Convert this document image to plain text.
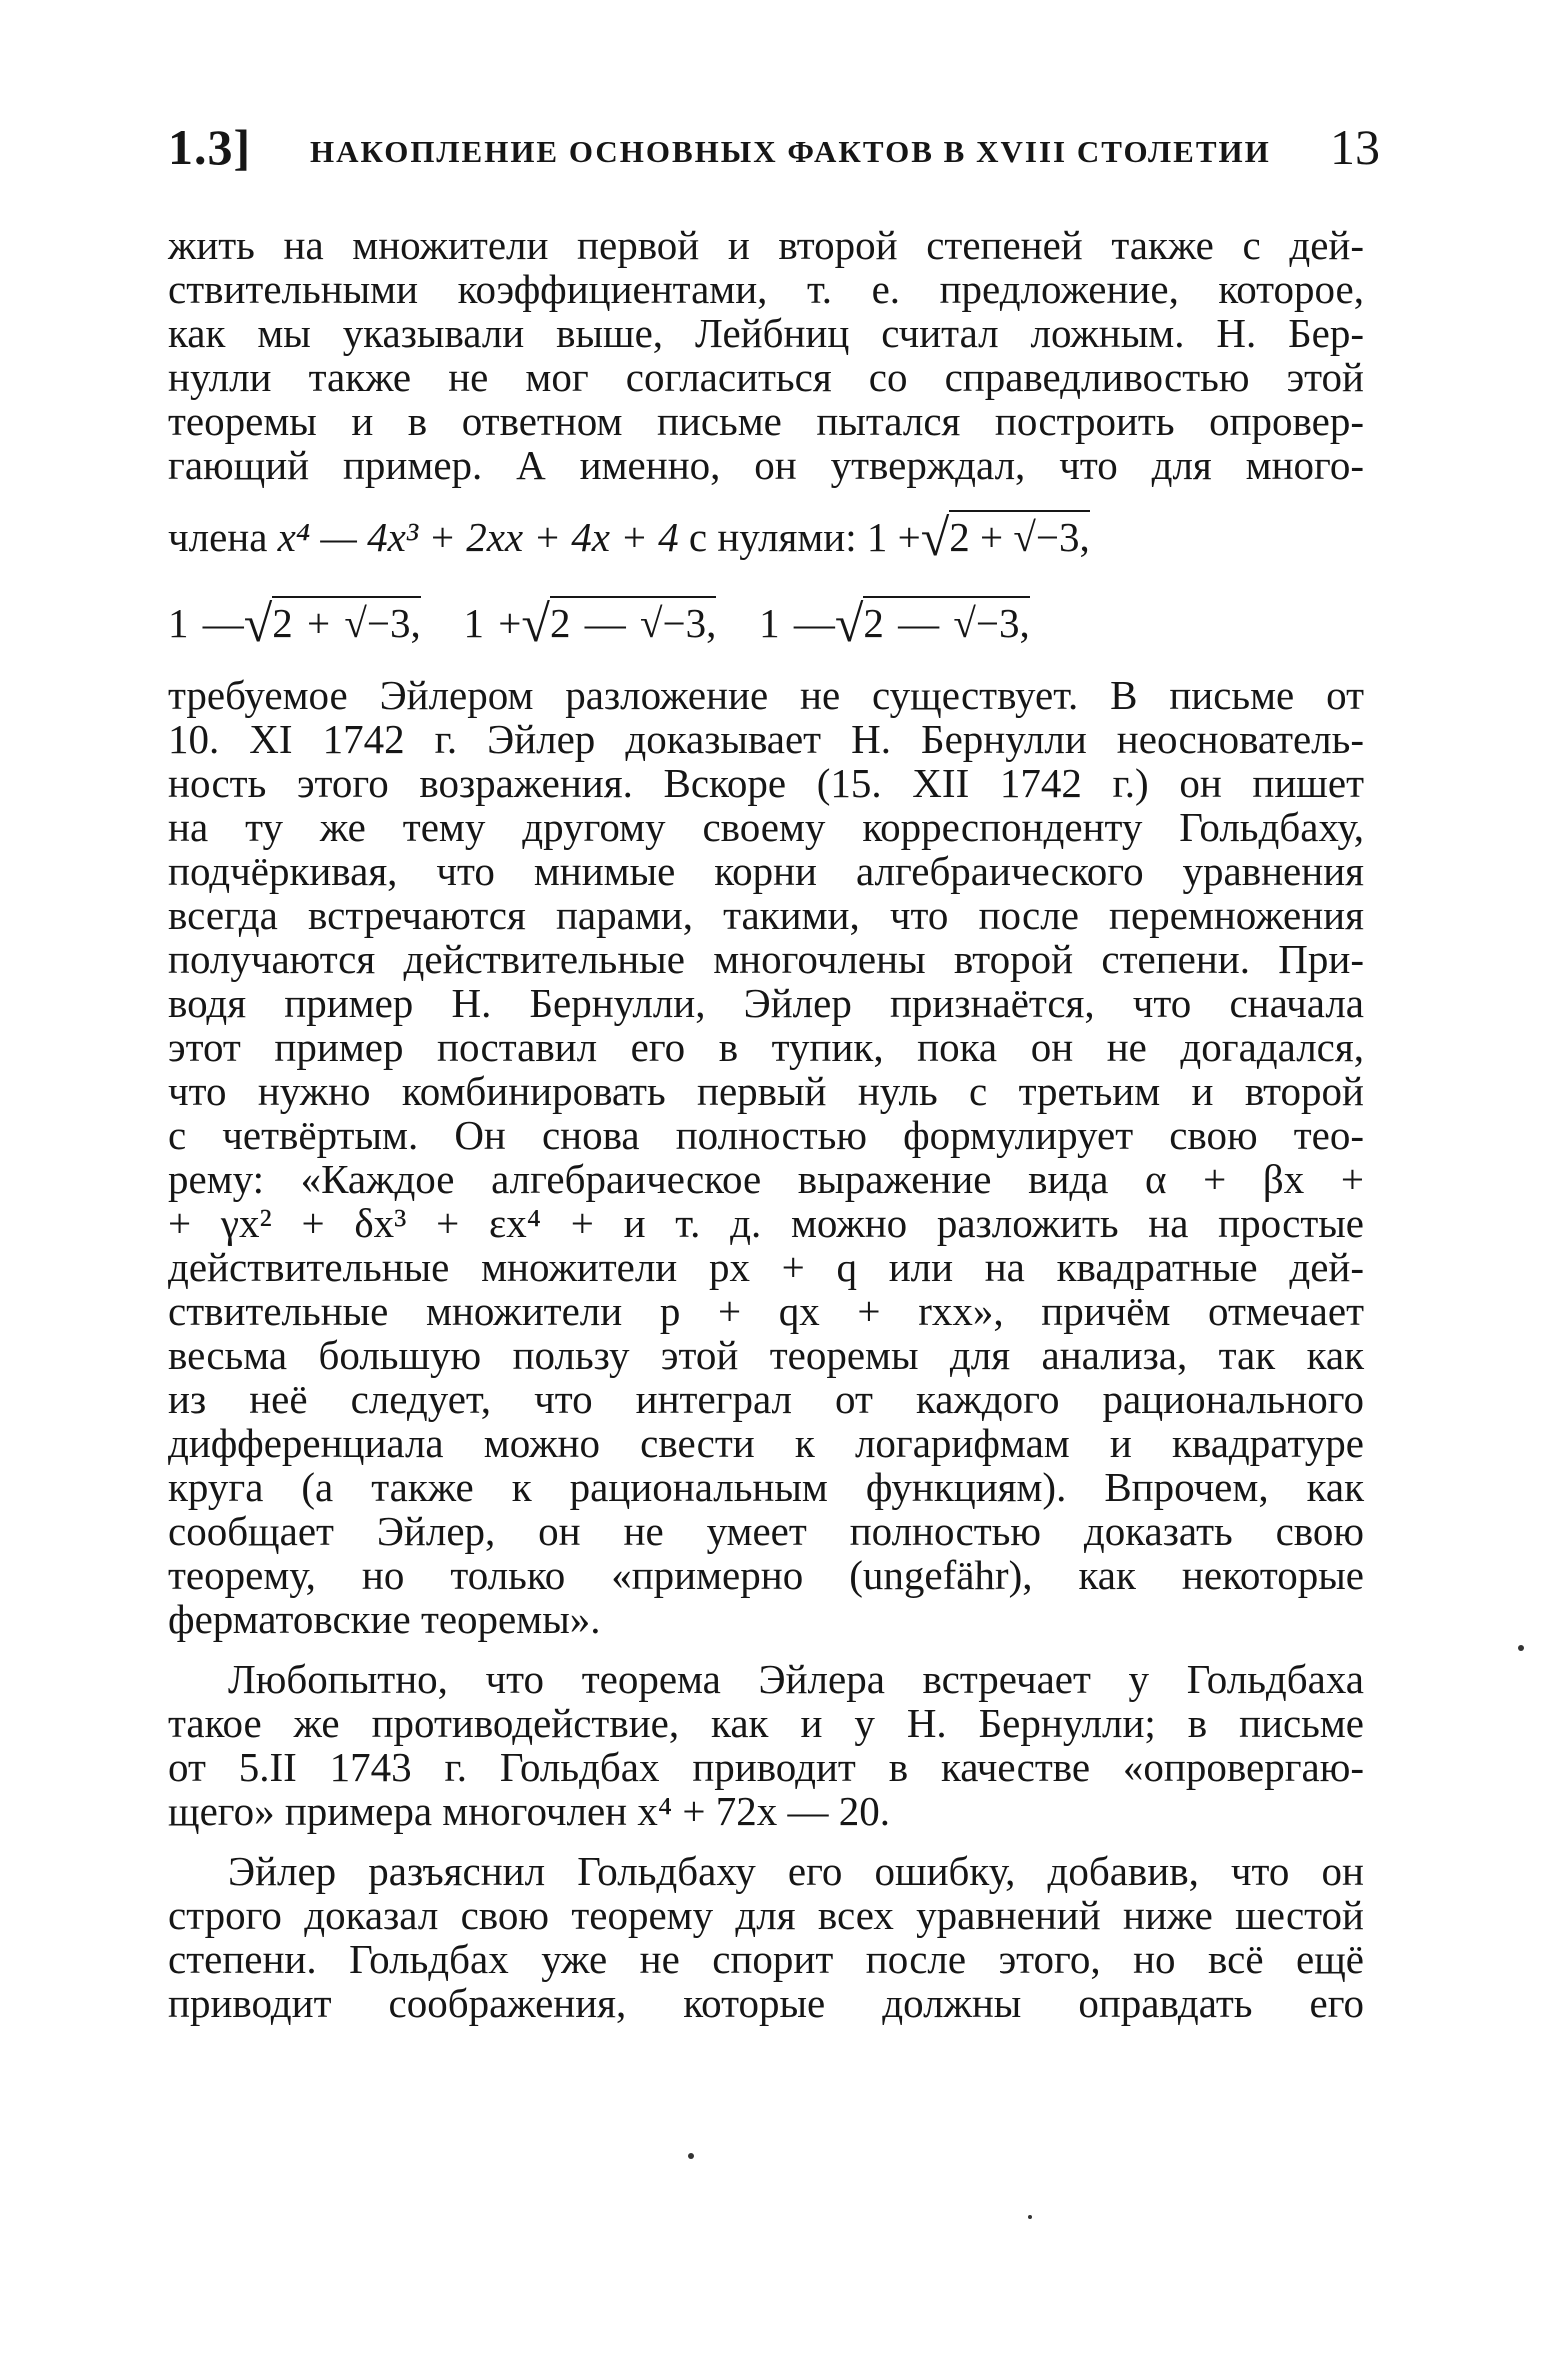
1.3] НАКОПЛЕНИЕ ОСНОВНЫХ ФАКТОВ В XVIII СТОЛЕТИИ 13
жить на множители первой и второй степеней также с дей-
ствительными коэффициентами, т. е. предложение, которое,
как мы указывали выше, Лейбниц считал ложным. Н. Бер-
нулли также не мог согласиться со справедливостью этой
теоремы и в ответном письме пытался построить опровер-
гающий пример. А именно, он утверждал, что для много-
члена x⁴ — 4x³ + 2xx + 4x + 4 с нулями: 1 +√2 + √−3,
1 —√2 + √−3, 1 +√2 — √−3, 1 —√2 — √−3,
требуемое Эйлером разложение не существует. В письме от
10. XI 1742 г. Эйлер доказывает Н. Бернулли неоснователь-
ность этого возражения. Вскоре (15. XII 1742 г.) он пишет
на ту же тему другому своему корреспонденту Гольдбаху,
подчёркивая, что мнимые корни алгебраического уравнения
всегда встречаются парами, такими, что после перемножения
получаются действительные многочлены второй степени. При-
водя пример Н. Бернулли, Эйлер признаётся, что сначала
этот пример поставил его в тупик, пока он не догадался,
что нужно комбинировать первый нуль с третьим и второй
с четвёртым. Он снова полностью формулирует свою тео-
рему: «Каждое алгебраическое выражение вида α + βx +
+ γx² + δx³ + εx⁴ + и т. д. можно разложить на простые
действительные множители px + q или на квадратные дей-
ствительные множители p + qx + rxx», причём отмечает
весьма большую пользу этой теоремы для анализа, так как
из неё следует, что интеграл от каждого рационального
дифференциала можно свести к логарифмам и квадратуре
круга (а также к рациональным функциям). Впрочем, как
сообщает Эйлер, он не умеет полностью доказать свою
теорему, но только «примерно (ungefähr), как некоторые
ферматовские теоремы».
Любопытно, что теорема Эйлера встречает у Гольдбаха
такое же противодействие, как и у Н. Бернулли; в письме
от 5.II 1743 г. Гольдбах приводит в качестве «опровергаю-
щего» примера многочлен x⁴ + 72x — 20.
Эйлер разъяснил Гольдбаху его ошибку, добавив, что он
строго доказал свою теорему для всех уравнений ниже шестой
степени. Гольдбах уже не спорит после этого, но всё ещё
приводит соображения, которые должны оправдать его
